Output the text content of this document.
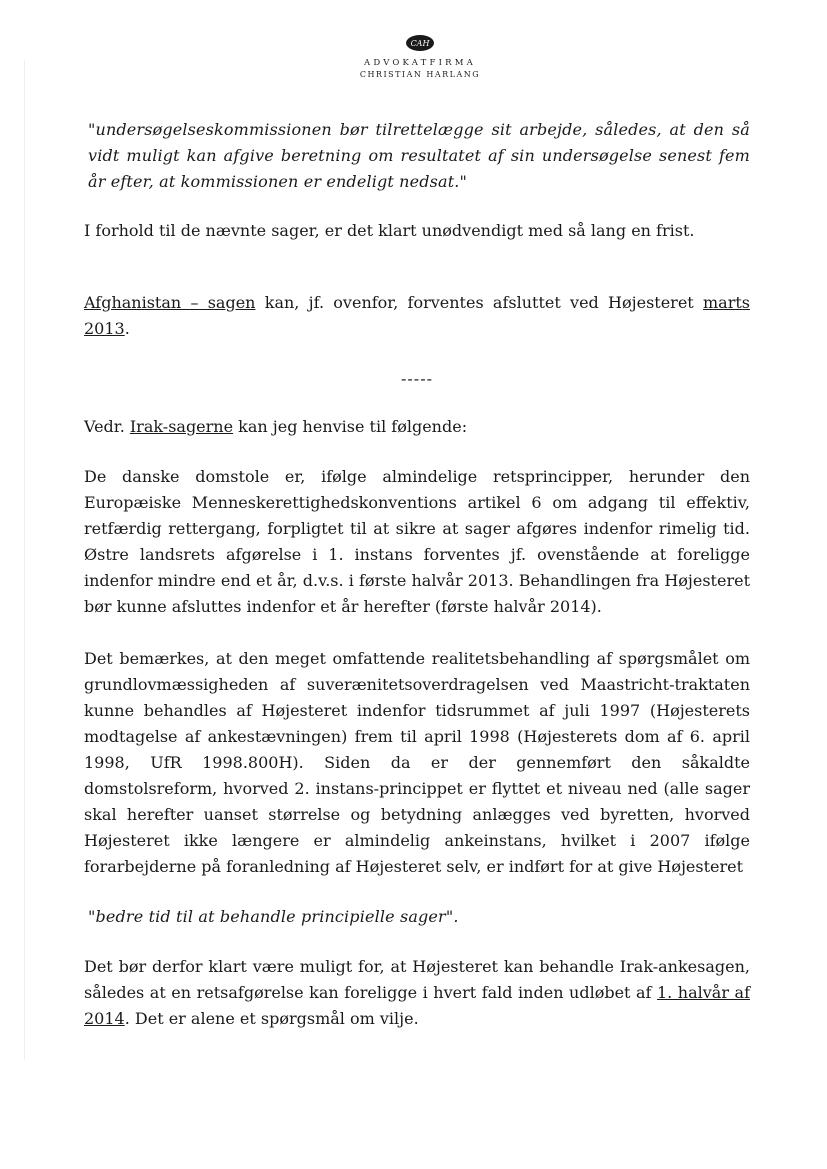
CAH
ADVOKATFIRMA
CHRISTIAN HARLANG

"undersøgelseskommissionen bør tilrettelægge sit arbejde, således, at den så vidt muligt kan afgive beretning om resultatet af sin undersøgelse senest fem år efter, at kommissionen er endeligt nedsat."

I forhold til de nævnte sager, er det klart unødvendigt med så lang en frist.

Afghanistan – sagen kan, jf. ovenfor, forventes afsluttet ved Højesteret marts 2013.

-----

Vedr. Irak-sagerne kan jeg henvise til følgende:

De danske domstole er, ifølge almindelige retsprincipper, herunder den Europæiske Menneskerettighedskonventions artikel 6 om adgang til effektiv, retfærdig rettergang, forpligtet til at sikre at sager afgøres indenfor rimelig tid. Østre landsrets afgørelse i 1. instans forventes jf. ovenstående at foreligge indenfor mindre end et år, d.v.s. i første halvår 2013. Behandlingen fra Højesteret bør kunne afsluttes indenfor et år herefter (første halvår 2014).

Det bemærkes, at den meget omfattende realitetsbehandling af spørgsmålet om grundlovmæssigheden af suverænitetsoverdragelsen ved Maastricht-traktaten kunne behandles af Højesteret indenfor tidsrummet af juli 1997 (Højesterets modtagelse af ankestævningen) frem til april 1998 (Højesterets dom af 6. april 1998, UfR 1998.800H). Siden da er der gennemført den såkaldte domstolsreform, hvorved 2. instans-princippet er flyttet et niveau ned (alle sager skal herefter uanset størrelse og betydning anlægges ved byretten, hvorved Højesteret ikke længere er almindelig ankeinstans, hvilket i 2007 ifølge forarbejderne på foranledning af Højesteret selv, er indført for at give Højesteret

"bedre tid til at behandle principielle sager".

Det bør derfor klart være muligt for, at Højesteret kan behandle Irak-ankesagen, således at en retsafgørelse kan foreligge i hvert fald inden udløbet af 1. halvår af 2014. Det er alene et spørgsmål om vilje.
